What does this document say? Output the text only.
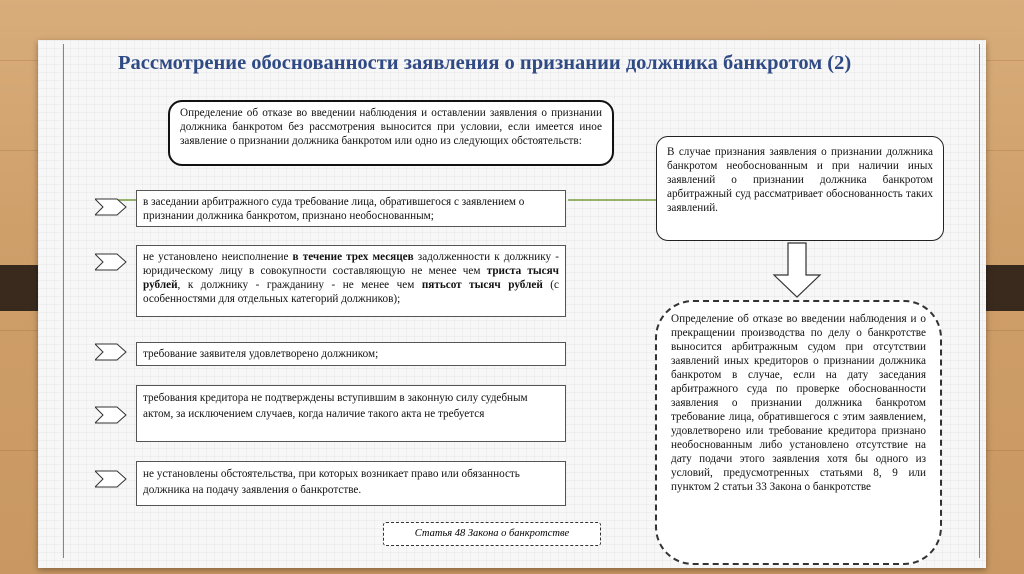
Рассмотрение обоснованности заявления о признании должника банкротом (2)
Определение об отказе во введении наблюдения и оставлении заявления о признании должника банкротом без рассмотрения выносится при условии, если имеется иное заявление о признании должника банкротом или одно из следующих обстоятельств:
в заседании арбитражного суда требование лица, обратившегося с заявлением о признании должника банкротом, признано необоснованным;
не установлено неисполнение в течение трех месяцев задолженности к должнику - юридическому лицу в совокупности составляющую не менее чем триста тысяч рублей, к должнику - гражданину - не менее чем пятьсот тысяч рублей (с особенностями для отдельных категорий должников);
требование заявителя удовлетворено должником;
требования кредитора не подтверждены вступившим в законную силу судебным актом, за исключением случаев, когда наличие такого акта не требуется
не установлены обстоятельства, при которых возникает право или обязанность должника на подачу заявления о банкротстве.
В случае признания заявления о признании должника банкротом необоснованным и при наличии иных заявлений о признании должника банкротом арбитражный суд рассматривает обоснованность таких заявлений.
Определение об отказе во введении наблюдения и о прекращении производства по делу о банкротстве выносится арбитражным судом при отсутствии заявлений иных кредиторов о признании должника банкротом в случае, если на дату заседания арбитражного суда по проверке обоснованности заявления о признании должника банкротом требование лица, обратившегося с этим заявлением, удовлетворено или требование кредитора признано необоснованным либо установлено отсутствие на дату подачи этого заявления хотя бы одного из условий, предусмотренных статьями 8, 9 или пунктом 2 статьи 33 Закона о банкротстве
Статья 48 Закона о банкротстве
